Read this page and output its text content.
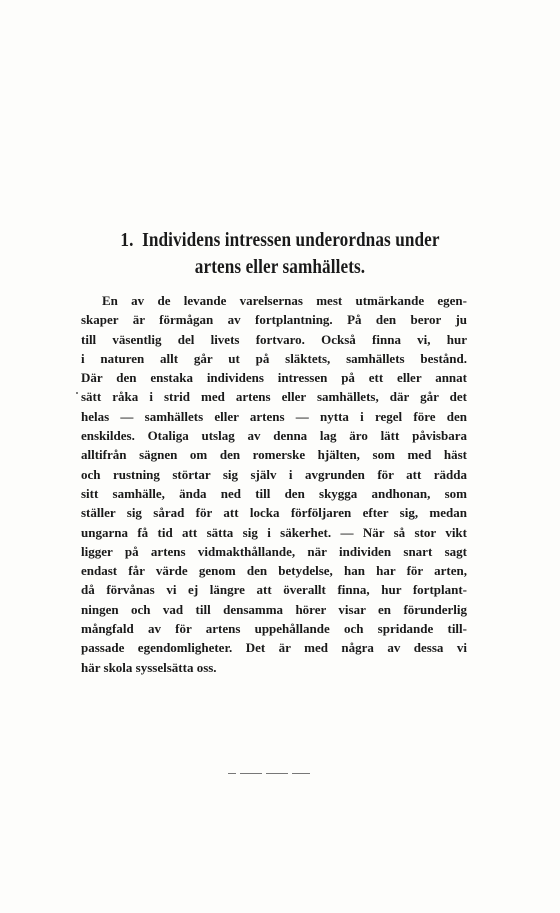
1. Individens intressen underordnas under
artens eller samhällets.
En av de levande varelsernas mest utmärkande egen-
skaper är förmågan av fortplantning. På den beror ju
till väsentlig del livets fortvaro. Också finna vi, hur
i naturen allt går ut på släktets, samhällets bestånd.
Där den enstaka individens intressen på ett eller annat
sätt råka i strid med artens eller samhällets, där går det
helas — samhällets eller artens — nytta i regel före den
enskildes. Otaliga utslag av denna lag äro lätt påvisbara
alltifrån sägnen om den romerske hjälten, som med häst
och rustning störtar sig själv i avgrunden för att rädda
sitt samhälle, ända ned till den skygga andhonan, som
ställer sig sårad för att locka förföljaren efter sig, medan
ungarna få tid att sätta sig i säkerhet. — När så stor vikt
ligger på artens vidmakthållande, när individen snart sagt
endast får värde genom den betydelse, han har för arten,
då förvånas vi ej längre att överallt finna, hur fortplant-
ningen och vad till densamma hörer visar en förunderlig
mångfald av för artens uppehållande och spridande till-
passade egendomligheter. Det är med några av dessa vi
här skola sysselsätta oss.
